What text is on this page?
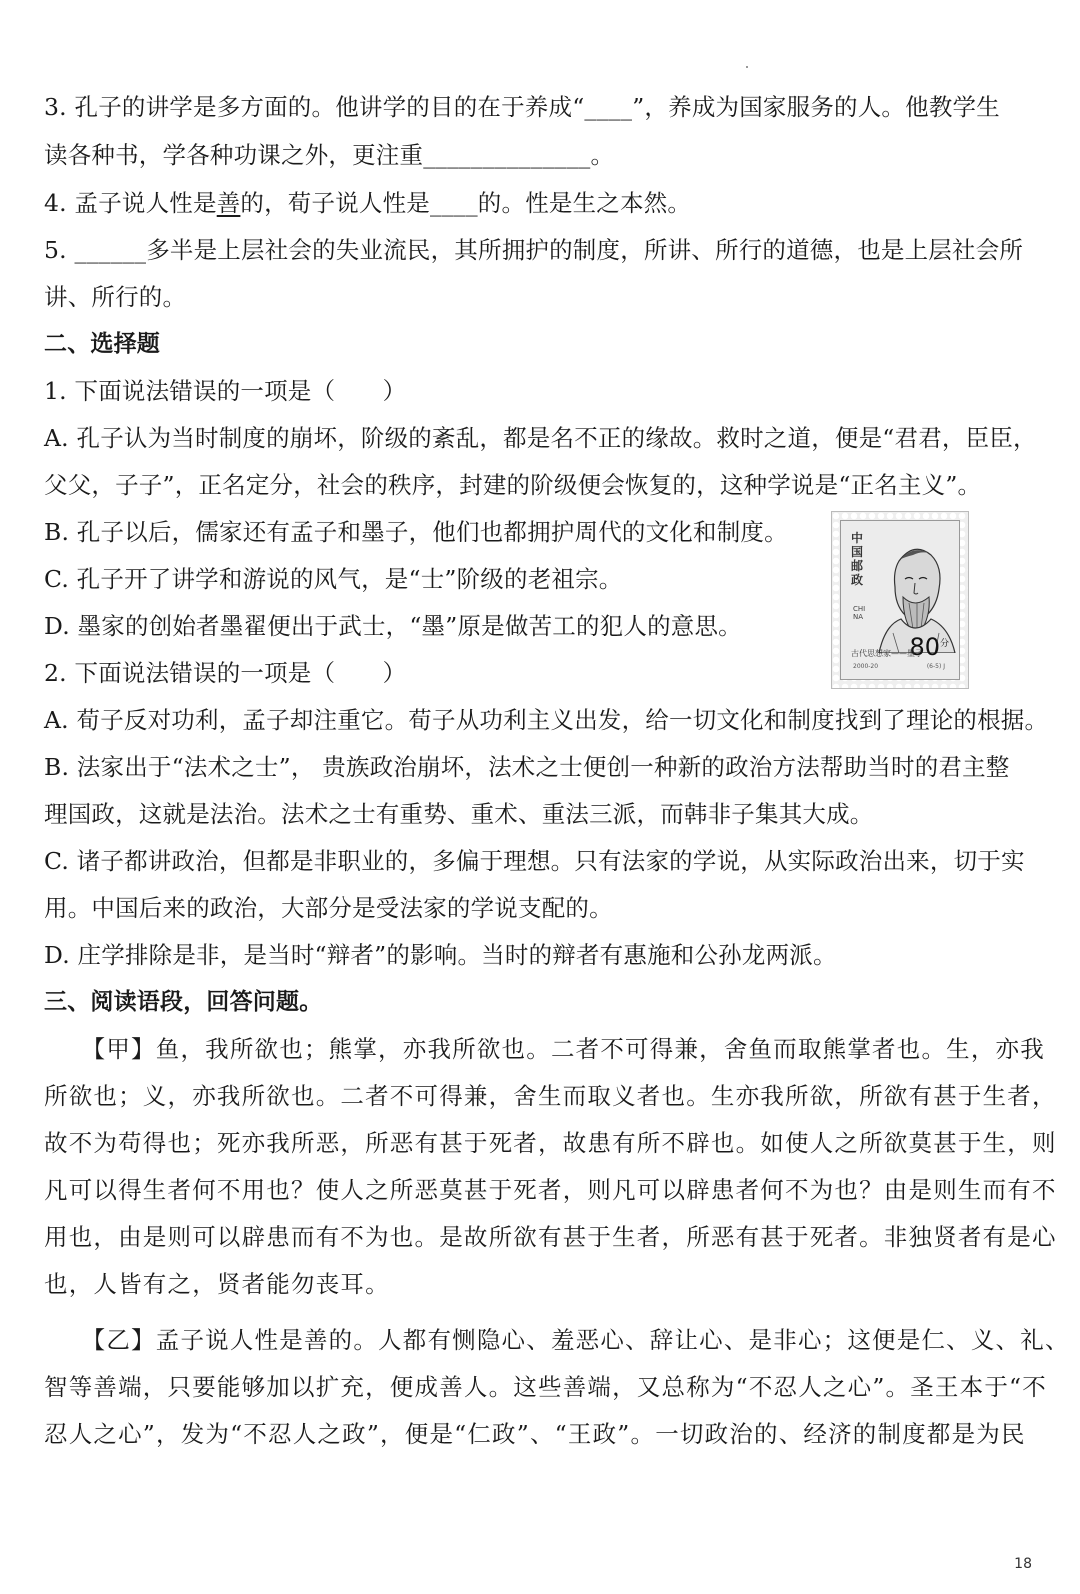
3. 孔子的讲学是多方面的。他讲学的目的在于养成“____”，养成为国家服务的人。他教学生
读各种书，学各种功课之外，更注重______________。
4. 孟子说人性是善的，荀子说人性是____的。性是生之本然。
5. ______多半是上层社会的失业流民，其所拥护的制度，所讲、所行的道德，也是上层社会所
讲、所行的。
二、选择题
1. 下面说法错误的一项是（　　）
A. 孔子认为当时制度的崩坏，阶级的紊乱，都是名不正的缘故。救时之道，便是“君君，臣臣，
父父，子子”，正名定分，社会的秩序，封建的阶级便会恢复的，这种学说是“正名主义”。
B. 孔子以后，儒家还有孟子和墨子，他们也都拥护周代的文化和制度。
C. 孔子开了讲学和游说的风气，是“士”阶级的老祖宗。
D. 墨家的创始者墨翟便出于武士，“墨”原是做苦工的犯人的意思。
2. 下面说法错误的一项是（　　）
A. 荀子反对功利，孟子却注重它。荀子从功利主义出发，给一切文化和制度找到了理论的根据。
B. 法家出于“法术之士”， 贵族政治崩坏，法术之士便创一种新的政治方法帮助当时的君主整
理国政，这就是法治。法术之士有重势、重术、重法三派，而韩非子集其大成。
C. 诸子都讲政治，但都是非职业的，多偏于理想。只有法家的学说，从实际政治出来，切于实
用。中国后来的政治，大部分是受法家的学说支配的。
D. 庄学排除是非，是当时“辩者”的影响。当时的辩者有惠施和公孙龙两派。
三、阅读语段，回答问题。
　　【甲】鱼，我所欲也；熊掌，亦我所欲也。二者不可得兼，舍鱼而取熊掌者也。生，亦我
所欲也；义，亦我所欲也。二者不可得兼，舍生而取义者也。生亦我所欲，所欲有甚于生者，
故不为苟得也；死亦我所恶，所恶有甚于死者，故患有所不辟也。如使人之所欲莫甚于生，则
凡可以得生者何不用也？使人之所恶莫甚于死者，则凡可以辟患者何不为也？由是则生而有不
用也，由是则可以辟患而有不为也。是故所欲有甚于生者，所恶有甚于死者。非独贤者有是心
也，人皆有之，贤者能勿丧耳。
　　【乙】孟子说人性是善的。人都有恻隐心、羞恶心、辞让心、是非心；这便是仁、义、礼、
智等善端，只要能够加以扩充，便成善人。这些善端，又总称为“不忍人之心”。圣王本于“不
忍人之心”，发为“不忍人之政”，便是“仁政”、“王政”。一切政治的、经济的制度都是为民
中国邮政
CHINA
$80^分$
古代思想家——墨子
2000-20	(6-5) J
18
